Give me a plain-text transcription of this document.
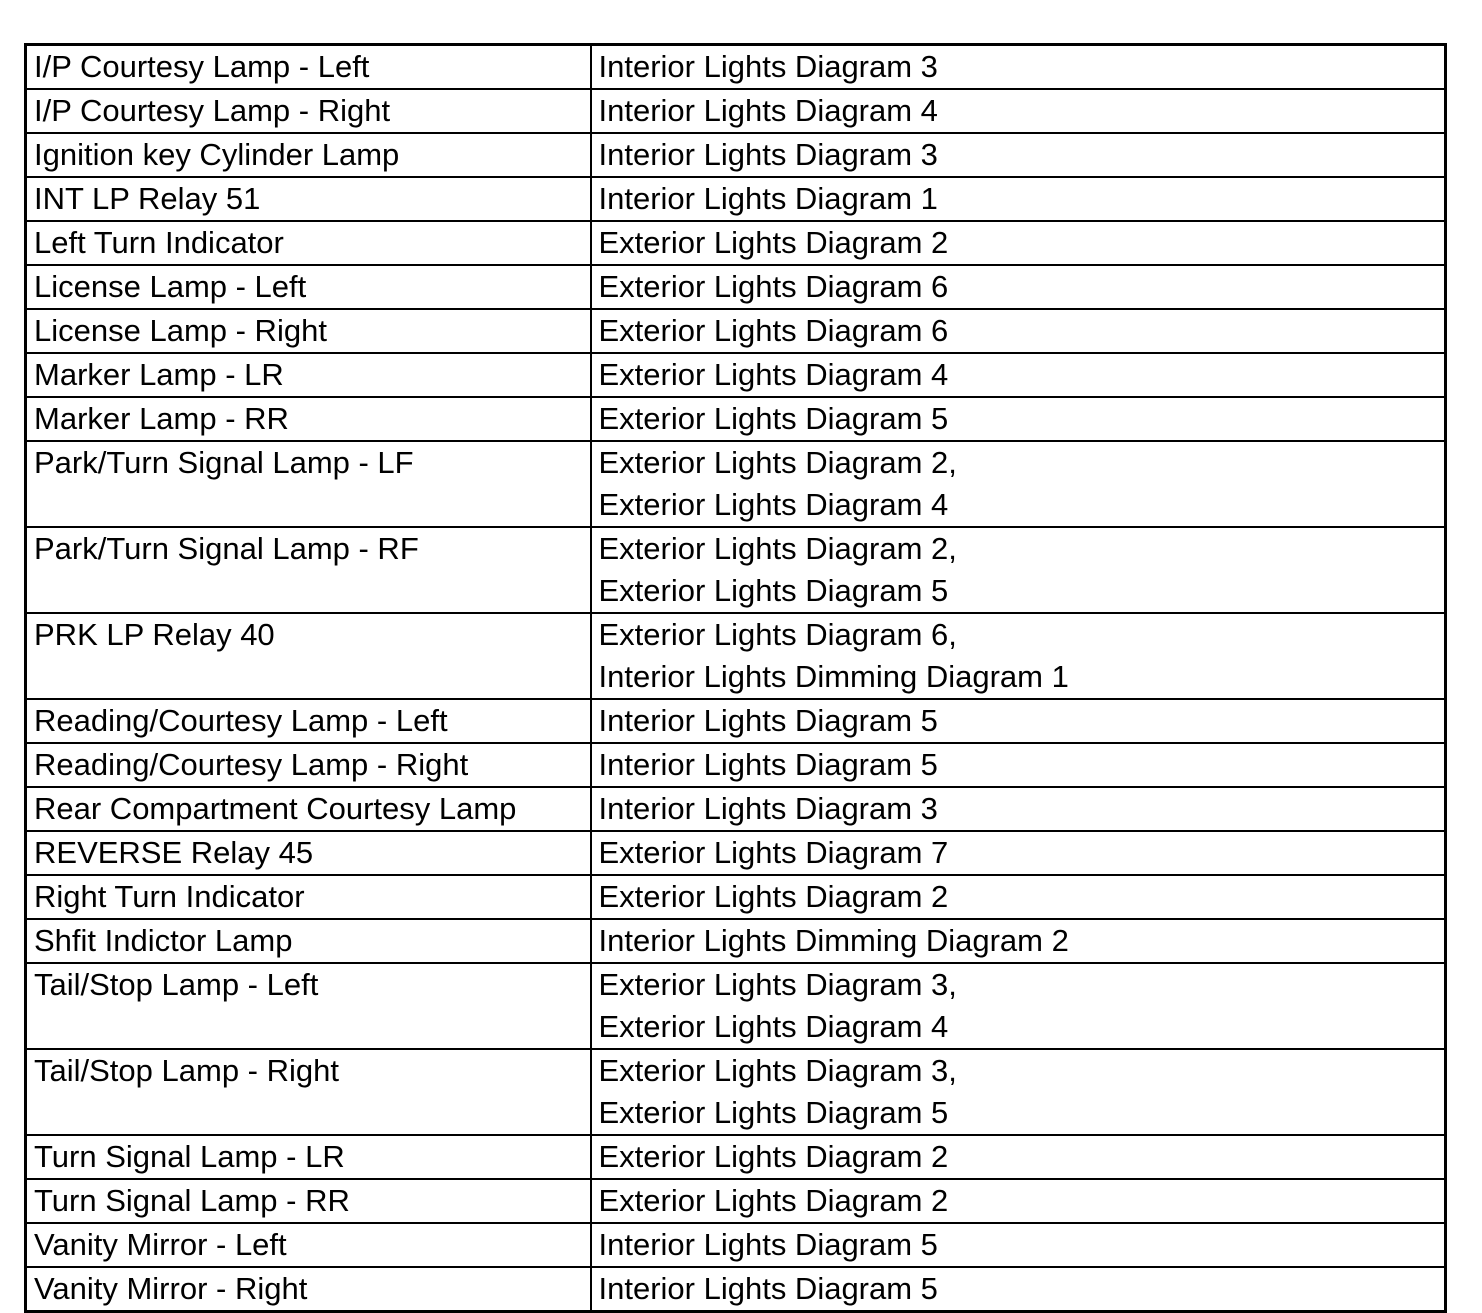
I/P Courtesy Lamp - Left	Interior Lights Diagram 3

I/P Courtesy Lamp - Right	Interior Lights Diagram 4

Ignition key Cylinder Lamp	Interior Lights Diagram 3

INT LP Relay 51	Interior Lights Diagram 1

Left Turn Indicator	Exterior Lights Diagram 2

License Lamp - Left	Exterior Lights Diagram 6

License Lamp - Right	Exterior Lights Diagram 6

Marker Lamp - LR	Exterior Lights Diagram 4

Marker Lamp - RR	Exterior Lights Diagram 5

Park/Turn Signal Lamp - LF	Exterior Lights Diagram 2,
Exterior Lights Diagram 4

Park/Turn Signal Lamp - RF	Exterior Lights Diagram 2,
Exterior Lights Diagram 5

PRK LP Relay 40	Exterior Lights Diagram 6,
Interior Lights Dimming Diagram 1

Reading/Courtesy Lamp - Left	Interior Lights Diagram 5

Reading/Courtesy Lamp - Right	Interior Lights Diagram 5

Rear Compartment Courtesy Lamp	Interior Lights Diagram 3

REVERSE Relay 45	Exterior Lights Diagram 7

Right Turn Indicator	Exterior Lights Diagram 2

Shfit Indictor Lamp	Interior Lights Dimming Diagram 2

Tail/Stop Lamp - Left	Exterior Lights Diagram 3,
Exterior Lights Diagram 4

Tail/Stop Lamp - Right	Exterior Lights Diagram 3,
Exterior Lights Diagram 5

Turn Signal Lamp - LR	Exterior Lights Diagram 2

Turn Signal Lamp - RR	Exterior Lights Diagram 2

Vanity Mirror - Left	Interior Lights Diagram 5

Vanity Mirror - Right	Interior Lights Diagram 5
